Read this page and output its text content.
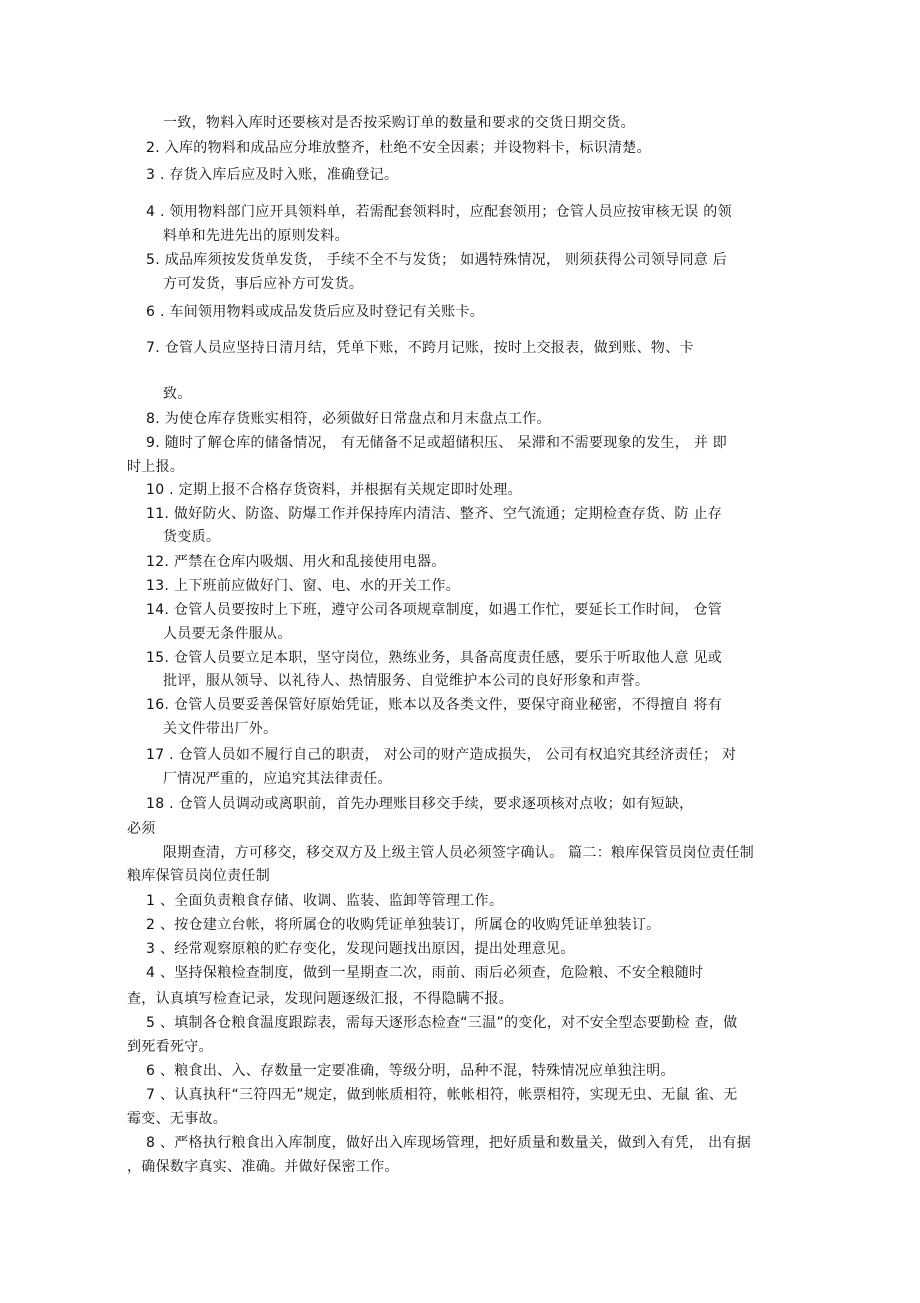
一致，物料入库时还要核对是否按采购订单的数量和要求的交货日期交货。
2. 入库的物料和成品应分堆放整齐，杜绝不安全因素；并设物料卡，标识清楚。
3 . 存货入库后应及时入账，准确登记。
4 . 领用物料部门应开具领料单，若需配套领料时，应配套领用；仓管人员应按审核无误 的领
料单和先进先出的原则发料。
5. 成品库须按发货单发货， 手续不全不与发货； 如遇特殊情况， 则须获得公司领导同意 后
方可发货，事后应补方可发货。
6 . 车间领用物料或成品发货后应及时登记有关账卡。
7. 仓管人员应坚持日清月结，凭单下账，不跨月记账，按时上交报表，做到账、物、卡
致。
8. 为使仓库存货账实相符，必须做好日常盘点和月末盘点工作。
9. 随时了解仓库的储备情况， 有无储备不足或超储积压、 呆滞和不需要现象的发生， 并 即
时上报。
10 . 定期上报不合格存货资料，并根据有关规定即时处理。
11. 做好防火、防盗、防爆工作并保持库内清洁、整齐、空气流通；定期检查存货、防 止存
货变质。
12. 严禁在仓库内吸烟、用火和乱接使用电器。
13. 上下班前应做好门、窗、电、水的开关工作。
14. 仓管人员要按时上下班，遵守公司各项规章制度，如遇工作忙，要延长工作时间， 仓管
人员要无条件服从。
15. 仓管人员要立足本职，坚守岗位，熟练业务，具备高度责任感，要乐于听取他人意 见或
批评，服从领导、以礼待人、热情服务、自觉维护本公司的良好形象和声誉。
16. 仓管人员要妥善保管好原始凭证，账本以及各类文件，要保守商业秘密，不得擅自 将有
关文件带出厂外。
17 . 仓管人员如不履行自己的职责， 对公司的财产造成损失， 公司有权追究其经济责任； 对
厂情况严重的，应追究其法律责任。
18 . 仓管人员调动或离职前，首先办理账目移交手续，要求逐项核对点收；如有短缺，
必须
限期查清，方可移交，移交双方及上级主管人员必须签字确认。 篇二：粮库保管员岗位责任制
粮库保管员岗位责任制
1 、全面负责粮食存储、收调、监装、监卸等管理工作。
2 、按仓建立台帐，将所属仓的收购凭证单独装订，所属仓的收购凭证单独装订。
3 、经常观察原粮的贮存变化，发现问题找出原因，提出处理意见。
4 、坚持保粮检查制度，做到一星期查二次，雨前、雨后必须查，危险粮、不安全粮随时
查，认真填写检查记录，发现问题逐级汇报，不得隐瞒不报。
5 、填制各仓粮食温度跟踪表，需每天逐形态检查“三温”的变化，对不安全型态要勤检 查，做
到死看死守。
6 、粮食出、入、存数量一定要准确，等级分明，品种不混，特殊情况应单独注明。
7 、认真执秆“三符四无”规定，做到帐质相符，帐帐相符，帐票相符，实现无虫、无鼠 雀、无
霉变、无事故。
8 、严格执行粮食出入库制度，做好出入库现场管理，把好质量和数量关，做到入有凭， 出有据
，确保数字真实、准确。并做好保密工作。
